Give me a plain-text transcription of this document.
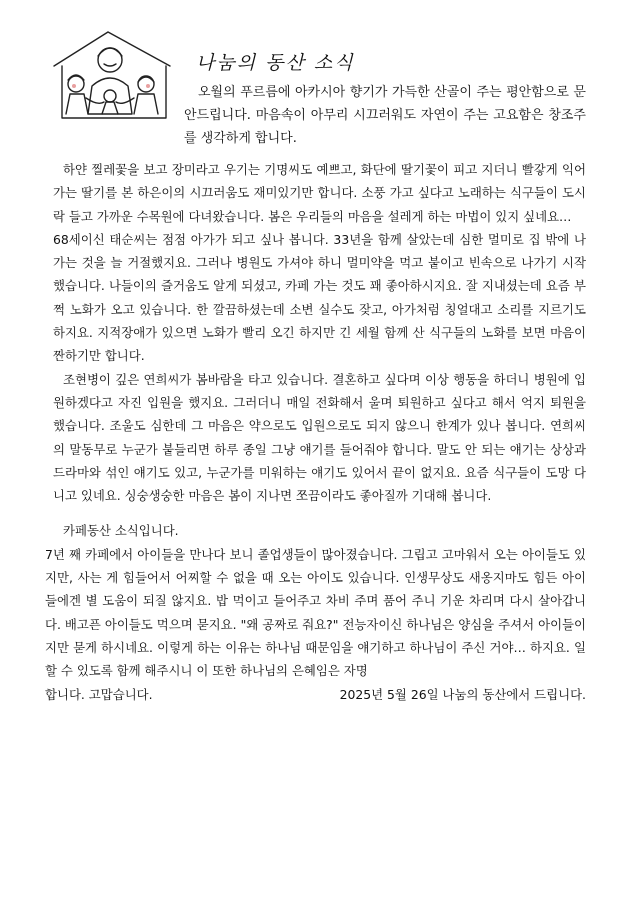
나눔의 동산 소식

오월의 푸르름에 아카시아 향기가 가득한 산골이 주는 평안함으로 문안드립니다. 마음속이 아무리 시끄러워도 자연이 주는 고요함은 창조주를 생각하게 합니다.

하얀 찔레꽃을 보고 장미라고 우기는 기명씨도 예쁘고, 화단에 딸기꽃이 피고 지더니 빨갛게 익어가는 딸기를 본 하은이의 시끄러움도 재미있기만 합니다. 소풍 가고 싶다고 노래하는 식구들이 도시락 들고 가까운 수목원에 다녀왔습니다. 봄은 우리들의 마음을 설레게 하는 마법이 있지 싶네요…

68세이신 태순씨는 점점 아가가 되고 싶나 봅니다. 33년을 함께 살았는데 심한 멀미로 집 밖에 나가는 것을 늘 거절했지요. 그러나 병원도 가셔야 하니 멀미약을 먹고 붙이고 빈속으로 나가기 시작 했습니다. 나들이의 즐거움도 알게 되셨고, 카페 가는 것도 꽤 좋아하시지요. 잘 지내셨는데 요즘 부쩍 노화가 오고 있습니다. 한 깔끔하셨는데 소변 실수도 잦고, 아가처럼 칭얼대고 소리를 지르기도 하지요. 지적장애가 있으면 노화가 빨리 오긴 하지만 긴 세월 함께 산 식구들의 노화를 보면 마음이 짠하기만 합니다.

조현병이 깊은 연희씨가 봄바람을 타고 있습니다. 결혼하고 싶다며 이상 행동을 하더니 병원에 입원하겠다고 자진 입원을 했지요. 그러더니 매일 전화해서 울며 퇴원하고 싶다고 해서 억지 퇴원을 했습니다. 조울도 심한데 그 마음은 약으로도 입원으로도 되지 않으니 한계가 있나 봅니다. 연희씨의 말동무로 누군가 붙들리면 하루 종일 그냥 얘기를 들어줘야 합니다. 말도 안 되는 얘기는 상상과 드라마와 섞인 얘기도 있고, 누군가를 미워하는 얘기도 있어서 끝이 없지요. 요즘 식구들이 도망 다니고 있네요. 싱숭생숭한 마음은 봄이 지나면 쪼끔이라도 좋아질까 기대해 봅니다.

카페동산 소식입니다.

7년 째 카페에서 아이들을 만나다 보니 졸업생들이 많아졌습니다. 그립고 고마워서 오는 아이들도 있지만, 사는 게 힘들어서 어찌할 수 없을 때 오는 아이도 있습니다. 인생무상도 새옹지마도 힘든 아이들에겐 별 도움이 되질 않지요. 밥 먹이고 들어주고 차비 주며 품어 주니 기운 차리며 다시 살아갑니다. 배고픈 아이들도 먹으며 묻지요. "왜 공짜로 줘요?" 전능자이신 하나님은 양심을 주셔서 아이들이지만 묻게 하시네요. 이렇게 하는 이유는 하나님 때문임을 얘기하고 하나님이 주신 거야… 하지요. 일 할 수 있도록 함께 해주시니 이 또한 하나님의 은혜임은 자명

합니다. 고맙습니다.	2025년 5월 26일 나눔의 동산에서 드립니다.
